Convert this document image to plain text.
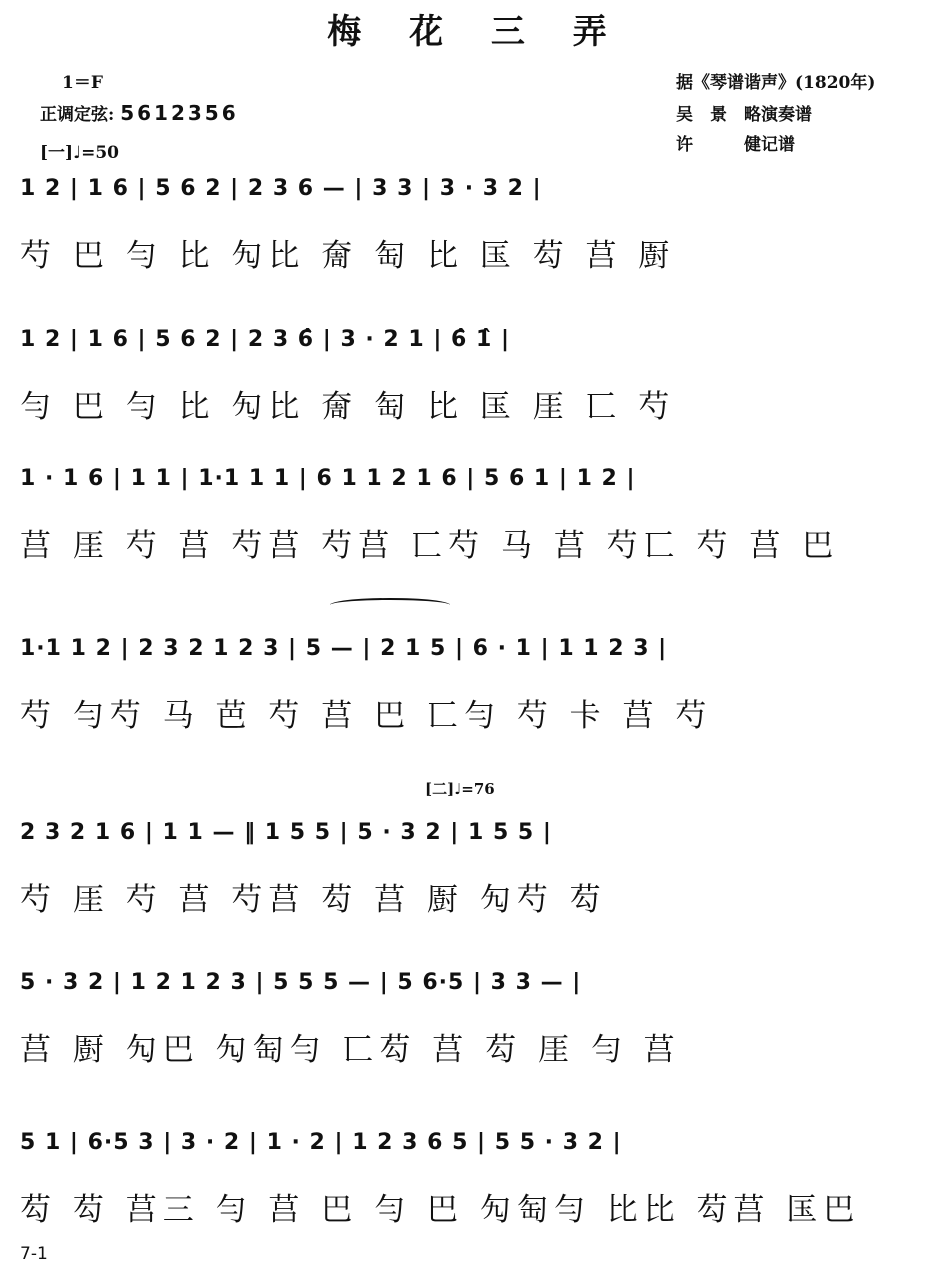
梅 花 三 弄
1＝F
正调定弦: 5612356
[一]♩=50
据《琴谱谐声》(1820年)
吴　景　略演奏谱
许　　　健记谱
[二]♩=76
1 2 | 1 6 | 5 6 2 | 2 3 6 — | 3 3 | 3 · 3 2 |
芍 巴 勻 比 勼比 奝 匋 比 匤 芶 莒 㕑
1 2 | 1 6 | 5 6 2 | 2 3 6̂ | 3 · 2 1 | 6̂ 1̂ |
勻 巴 勻 比 勼比 奝 匋 比 匤 厓 匸 芍
1 · 1 6 | 1 1 | 1·1 1 1 | 6 1 1 2 1 6 | 5 6 1 | 1 2 |
莒 厓 芍 莒 芍莒 芍莒 匸芍 马 莒 芍匸 芍 莒 巴
1·1 1 2 | 2 3 2 1 2 3 | 5 — | 2 1 5 | 6 · 1 | 1 1 2 3 |
芍 勻芍 马 芭 芍 莒 巴 匸勻 芍 卡 莒 芍
2 3 2 1 6 | 1 1 — ‖ 1 5 5 | 5 · 3 2 | 1 5 5 |
芍 厓 芍 莒 芍莒 芶 莒 㕑 勼芍 芶
5 · 3 2 | 1 2 1 2 3 | 5 5 5 — | 5 6·5 | 3 3 — |
莒 㕑 勼巴 勼匋勻 匸芶 莒 芶 厓 勻 莒
5 1 | 6·5 3 | 3 · 2 | 1 · 2 | 1 2 3 6 5 | 5 5 · 3 2 |
芶 芶 莒三 勻 莒 巴 勻 巴 勼匋勻 比比 芶莒 匤巴
7-1
